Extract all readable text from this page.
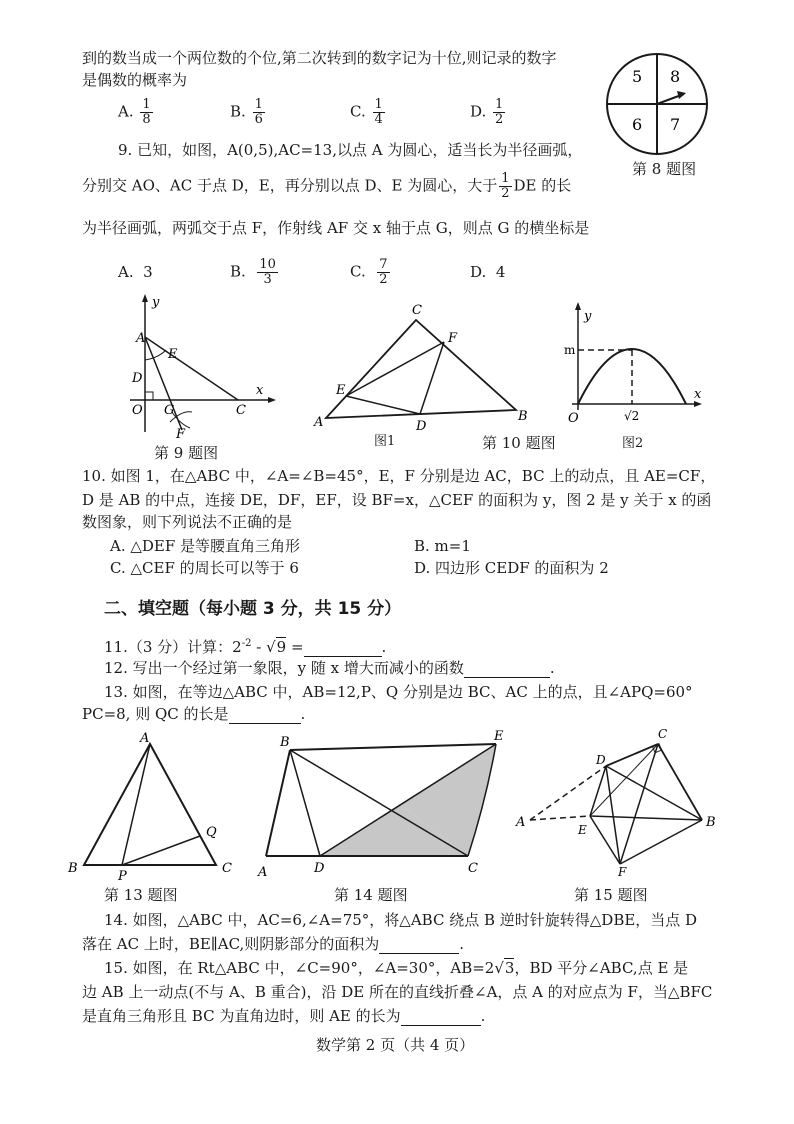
到的数当成一个两位数的个位,第二次转到的数字记为十位,则记录的数字
是偶数的概率为
A. $\frac{1}{8}$	B. $\frac{1}{6}$	C. $\frac{1}{4}$	D. $\frac{1}{2}$
5 8
6 7
第 8 题图
9. 已知，如图，A(0,5),AC=13,以点 A 为圆心，适当长为半径画弧，
分别交 AO、AC 于点 D，E，再分别以点 D、E 为圆心，大于 $\frac{1}{2}$ DE 的长
为半径画弧，两弧交于点 F，作射线 AF 交 x 轴于点 G，则点 G 的横坐标是
A. 3	B. $\frac{10}{3}$	C. $\frac{7}{2}$	D. 4
A
y
E
D
x
O G	C
F
第 9 题图
C
F
E
A	D
B
图1
y
m
O
x
√2
第 10 题图	图2
10. 如图 1，在△ABC 中，∠A=∠B=45°，E，F 分别是边 AC，BC 上的动点，且 AE=CF，
D 是 AB 的中点，连接 DE，DF，EF，设 BF=x，△CEF 的面积为 y，图 2 是 y 关于 x 的函
数图象，则下列说法不正确的是
A. △DEF 是等腰直角三角形	B. m=1
C. △CEF 的周长可以等于 6	D. 四边形 CEDF 的面积为 2
二、填空题（每小题 3 分，共 15 分）
11.（3 分）计算：$2^{-2} - √9$ =	.
12. 写出一个经过第一象限，y 随 x 增大而减小的函数	.
13. 如图，在等边△ABC 中，AB=12,P、Q 分别是边 BC、AC 上的点，且∠APQ=60°
PC=8, 则 QC 的长是	.
A
B
P
Q
C
第 13 题图
B	E
A	D	C
第 14 题图
C
D
A	E	B
F
第 15 题图
14. 如图，△ABC 中，AC=6,∠A=75°，将△ABC 绕点 B 逆时针旋转得△DBE，当点 D
落在 AC 上时，BE∥AC,则阴影部分的面积为	.
15. 如图，在 Rt△ABC 中，∠C=90°，∠A=30°，AB=2√3，BD 平分∠ABC,点 E 是
边 AB 上一动点(不与 A、B 重合)，沿 DE 所在的直线折叠∠A，点 A 的对应点为 F，当△BFC
是直角三角形且 BC 为直角边时，则 AE 的长为	.
数学第 2 页（共 4 页）
